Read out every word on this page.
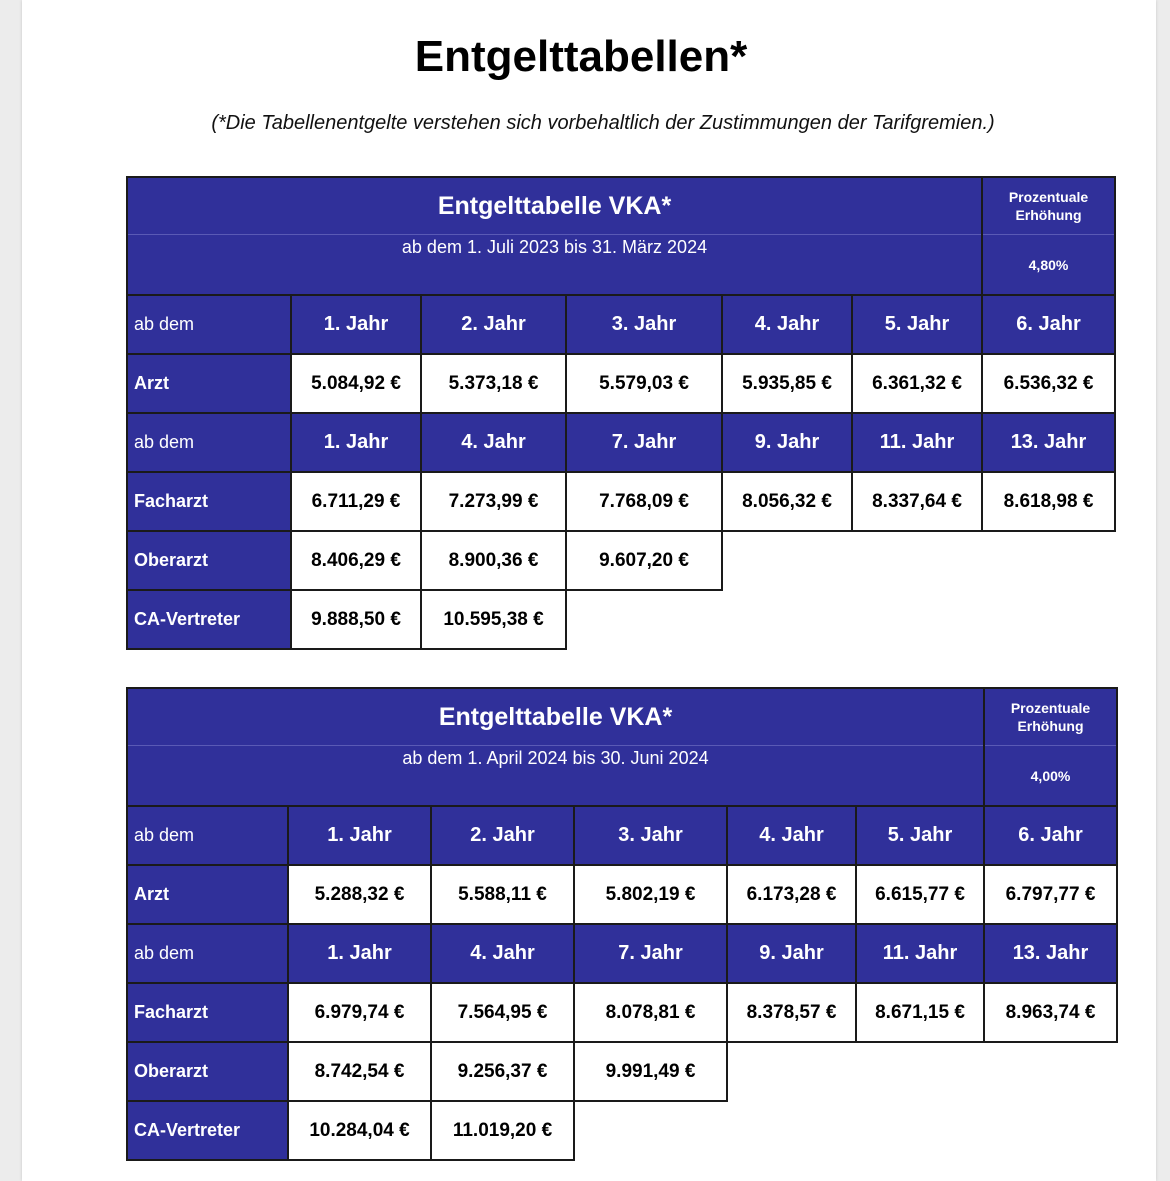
Entgelttabellen*
(*Die Tabellenentgelte verstehen sich vorbehaltlich der Zustimmungen der Tarifgremien.)
Entgelttabelle VKA*						Prozentuale
Erhöhung

ab dem 1. Juli 2023 bis 31. März 2024						4,80%
ab dem	1. Jahr	2. Jahr	3. Jahr	4. Jahr	5. Jahr	6. Jahr
Arzt	5.084,92 €	5.373,18 €	5.579,03 €	5.935,85 €	6.361,32 €	6.536,32 €
ab dem	1. Jahr	4. Jahr	7. Jahr	9. Jahr	11. Jahr	13. Jahr
Facharzt	6.711,29 €	7.273,99 €	7.768,09 €	8.056,32 €	8.337,64 €	8.618,98 €
Oberarzt	8.406,29 €	8.900,36 €	9.607,20 €			
CA-Vertreter	9.888,50 €	10.595,38 €				
Entgelttabelle VKA*						Prozentuale
Erhöhung

ab dem 1. April 2024 bis 30. Juni 2024						4,00%
ab dem	1. Jahr	2. Jahr	3. Jahr	4. Jahr	5. Jahr	6. Jahr
Arzt	5.288,32 €	5.588,11 €	5.802,19 €	6.173,28 €	6.615,77 €	6.797,77 €
ab dem	1. Jahr	4. Jahr	7. Jahr	9. Jahr	11. Jahr	13. Jahr
Facharzt	6.979,74 €	7.564,95 €	8.078,81 €	8.378,57 €	8.671,15 €	8.963,74 €
Oberarzt	8.742,54 €	9.256,37 €	9.991,49 €			
CA-Vertreter	10.284,04 €	11.019,20 €				
